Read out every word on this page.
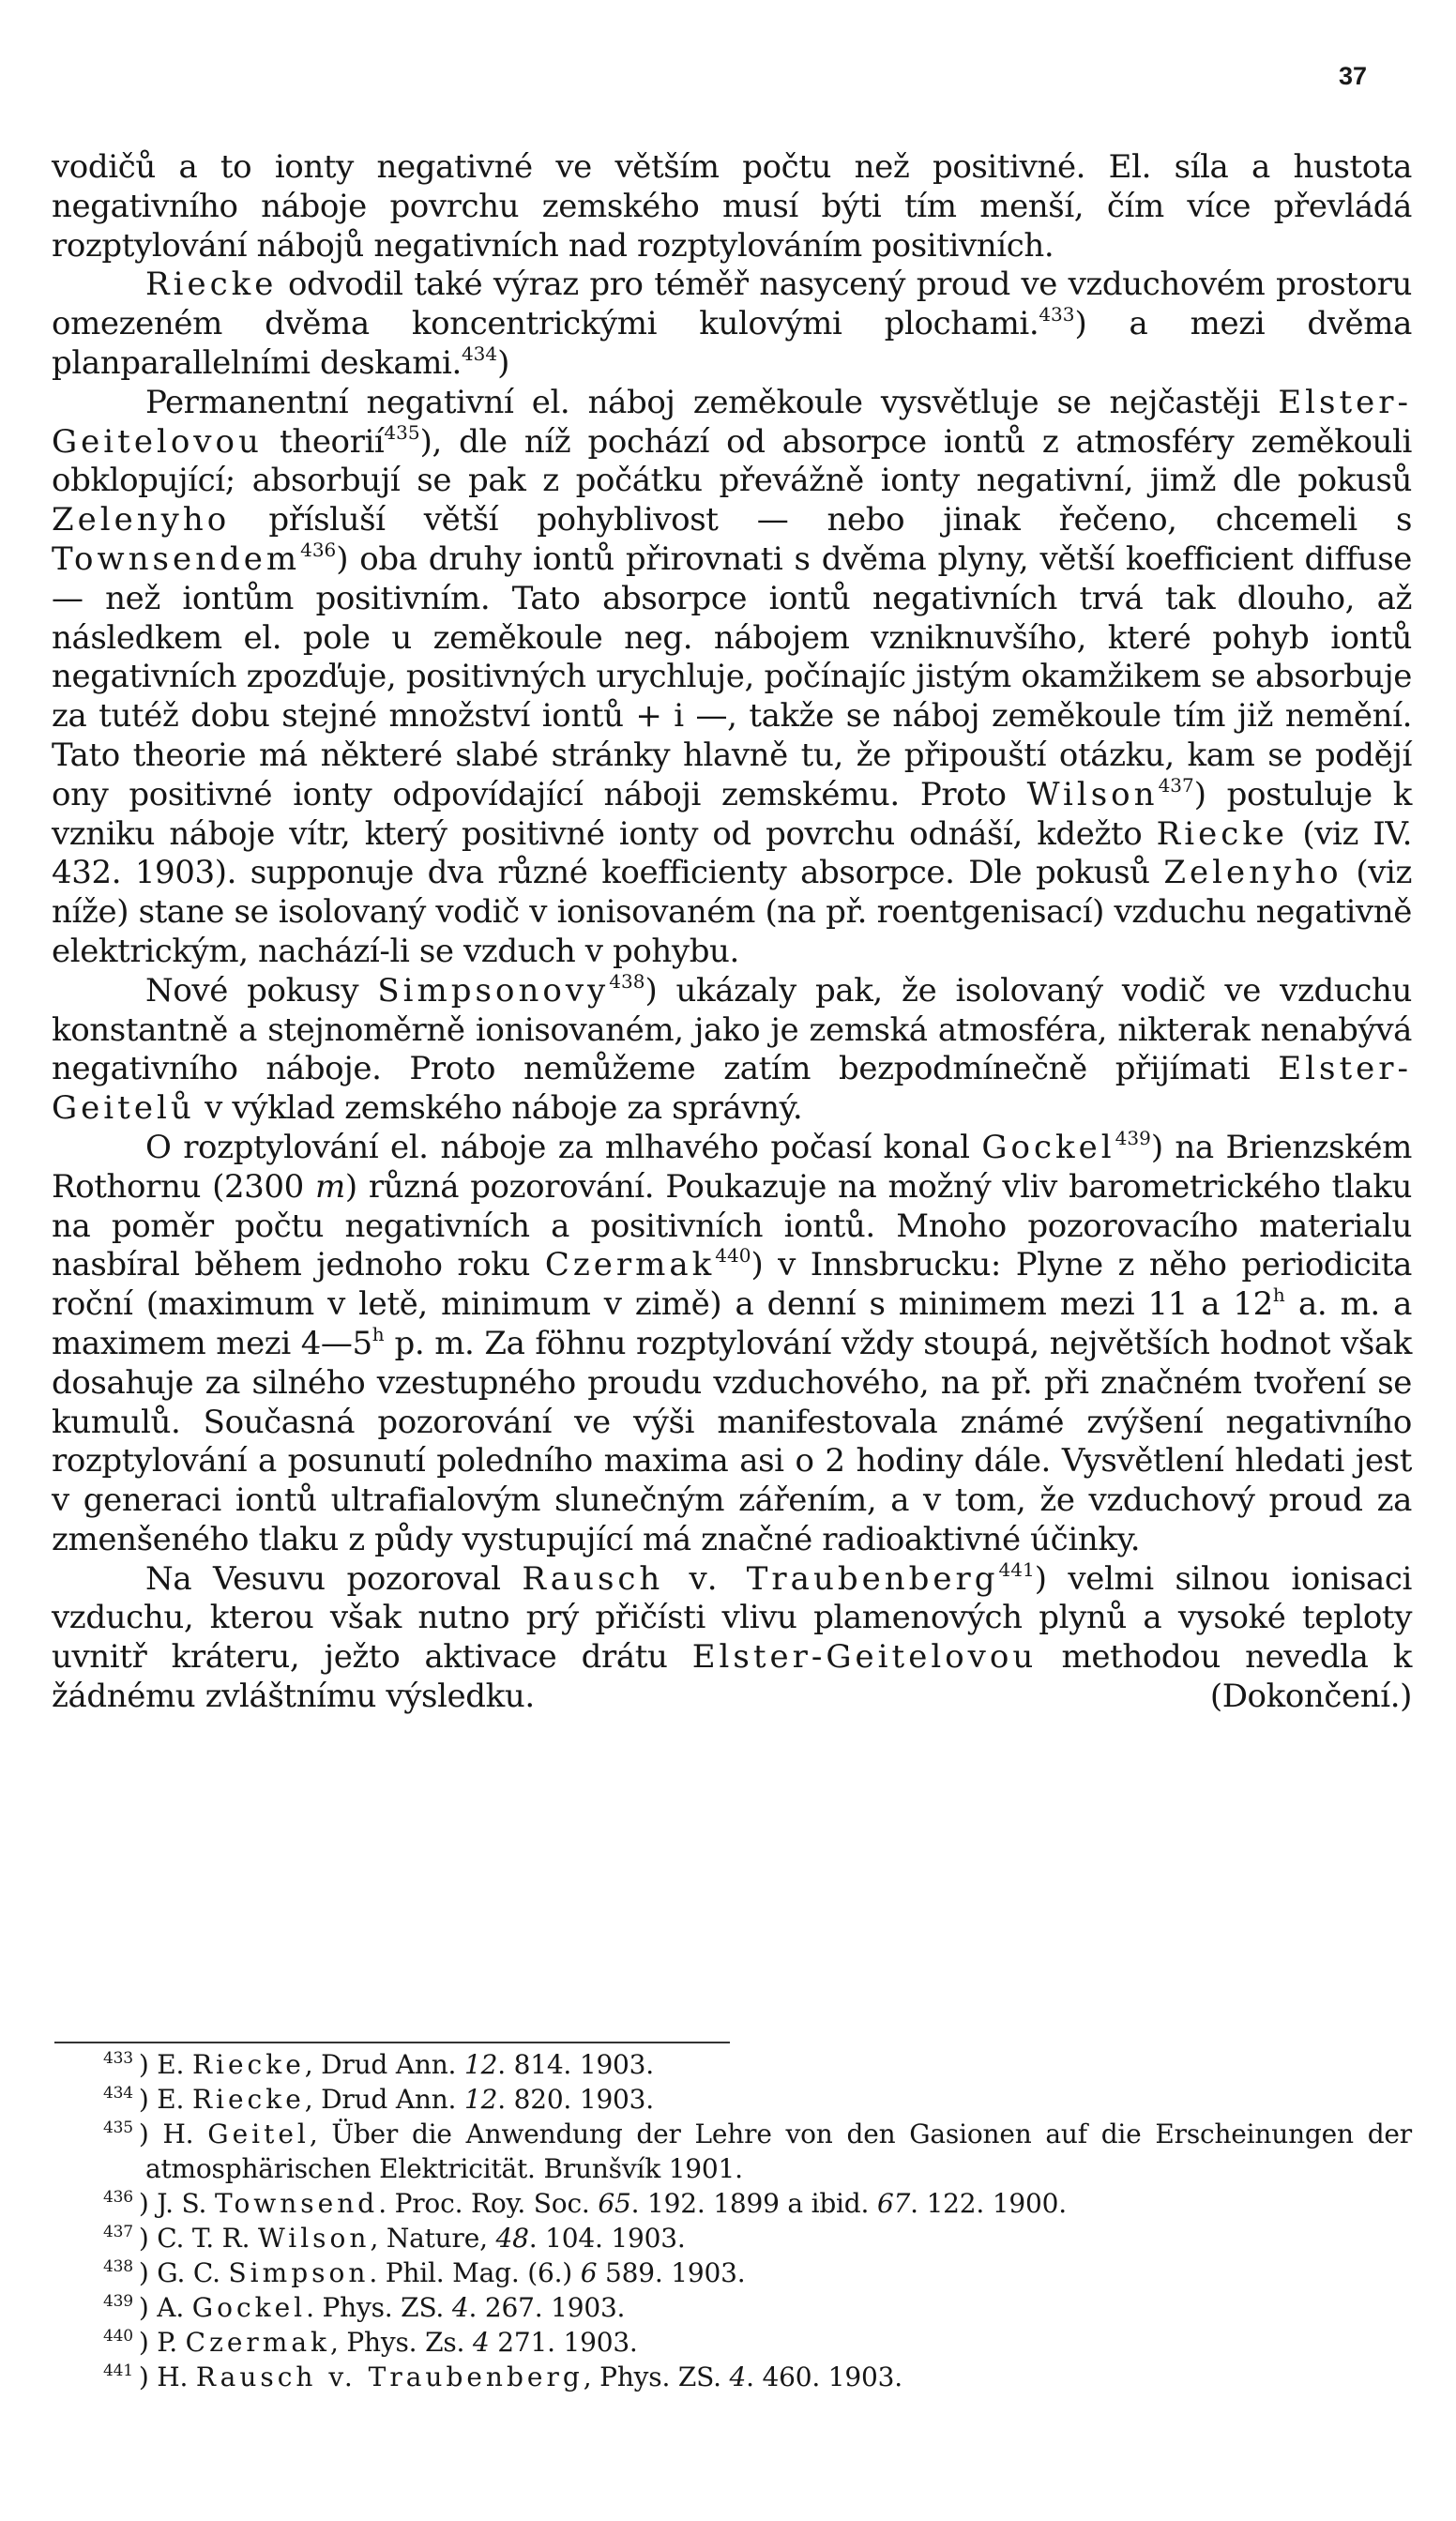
37

vodičů a to ionty negativné ve větším počtu než positivné. El. síla a hustota negativního náboje povrchu zemského musí býti tím menší, čím více převládá rozptylování nábojů negativních nad rozptylováním positivních.

Riecke odvodil také výraz pro téměř nasycený proud ve vzduchovém prostoru omezeném dvěma koncentrickými kulovými plochami.$^{433}$) a mezi dvěma planparallelními deskami.$^{434}$)

Permanentní negativní el. náboj zeměkoule vysvětluje se nejčastěji Elster-Geitelovou theorií$^{435}$), dle níž pochází od absorpce iontů z atmosféry zeměkouli obklopující; absorbují se pak z počátku převážně ionty negativní, jimž dle pokusů Zelenyho přísluší větší pohyblivost — nebo jinak řečeno, chcemeli s Townsendem$^{436}$) oba druhy iontů přirovnati s dvěma plyny, větší koefficient diffuse — než iontům positivním. Tato absorpce iontů negativních trvá tak dlouho, až následkem el. pole u zeměkoule neg. nábojem vzniknuvšího, které pohyb iontů negativních zpozďuje, positivných urychluje, počínajíc jistým okamžikem se absorbuje za tutéž dobu stejné množství iontů + i —, takže se náboj zeměkoule tím již nemění. Tato theorie má některé slabé stránky hlavně tu, že připouští otázku, kam se podějí ony positivné ionty odpovídající náboji zemskému. Proto Wilson$^{437}$) postuluje k vzniku náboje vítr, který positivné ionty od povrchu odnáší, kdežto Riecke (viz IV. 432. 1903). supponuje dva různé koefficienty absorpce. Dle pokusů Zelenyho (viz níže) stane se isolovaný vodič v ionisovaném (na př. roentgenisací) vzduchu negativně elektrickým, nachází-li se vzduch v pohybu.

Nové pokusy Simpsonovy$^{438}$) ukázaly pak, že isolovaný vodič ve vzduchu konstantně a stejnoměrně ionisovaném, jako je zemská atmosféra, nikterak nenabývá negativního náboje. Proto nemůžeme zatím bezpodmínečně přijímati Elster-Geitelů v výklad zemského náboje za správný.

O rozptylování el. náboje za mlhavého počasí konal Gockel$^{439}$) na Brienzském Rothornu (2300 m) různá pozorování. Poukazuje na možný vliv barometrického tlaku na poměr počtu negativních a positivních iontů. Mnoho pozorovacího materialu nasbíral během jednoho roku Czermak$^{440}$) v Innsbrucku: Plyne z něho periodicita roční (maximum v letě, minimum v zimě) a denní s minimem mezi 11 a 12$^h$ a. m. a maximem mezi 4—5$^h$ p. m. Za föhnu rozptylování vždy stoupá, největších hodnot však dosahuje za silného vzestupného proudu vzduchového, na př. při značném tvoření se kumulů. Současná pozorování ve výši manifestovala známé zvýšení negativního rozptylování a posunutí poledního maxima asi o 2 hodiny dále. Vysvětlení hledati jest v generaci iontů ultrafialovým slunečným zářením, a v tom, že vzduchový proud za zmenšeného tlaku z půdy vystupující má značné radioaktivné účinky.

Na Vesuvu pozoroval Rausch v. Traubenberg$^{441}$) velmi silnou ionisaci vzduchu, kterou však nutno prý přičísti vlivu plamenových plynů a vysoké teploty uvnitř kráteru, ježto aktivace drátu Elster-Geitelovou methodou nevedla k žádnému zvláštnímu výsledku.	(Dokončení.)

$^{433}$ ) E. Riecke, Drud Ann. 12. 814. 1903.
$^{434}$ ) E. Riecke, Drud Ann. 12. 820. 1903.
$^{435}$ ) H. Geitel, Über die Anwendung der Lehre von den Gasionen auf die Erscheinungen der atmosphärischen Elektricität. Brunšvík 1901.
$^{436}$ ) J. S. Townsend. Proc. Roy. Soc. 65. 192. 1899 a ibid. 67. 122. 1900.
$^{437}$ ) C. T. R. Wilson, Nature, 48. 104. 1903.
$^{438}$ ) G. C. Simpson. Phil. Mag. (6.) 6 589. 1903.
$^{439}$ ) A. Gockel. Phys. ZS. 4. 267. 1903.
$^{440}$ ) P. Czermak, Phys. Zs. 4 271. 1903.
$^{441}$ ) H. Rausch v. Traubenberg, Phys. ZS. 4. 460. 1903.
